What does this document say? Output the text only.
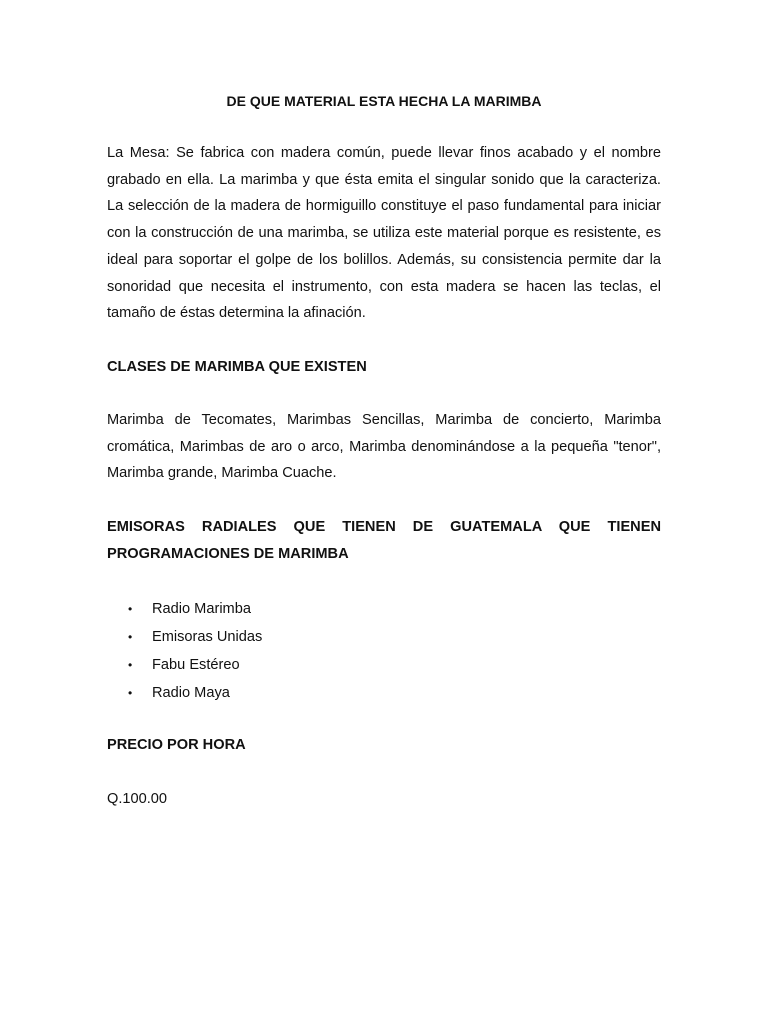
DE QUE MATERIAL ESTA HECHA LA MARIMBA

La Mesa: Se fabrica con madera común, puede llevar finos acabado y el nombre grabado en ella. La marimba y que ésta emita el singular sonido que la caracteriza. La selección de la madera de hormiguillo constituye el paso fundamental para iniciar con la construcción de una marimba, se utiliza este material porque es resistente, es ideal para soportar el golpe de los bolillos. Además, su consistencia permite dar la sonoridad que necesita el instrumento, con esta madera se hacen las teclas, el tamaño de éstas determina la afinación.

CLASES DE MARIMBA QUE EXISTEN

Marimba de Tecomates, Marimbas Sencillas, Marimba de concierto, Marimba cromática, Marimbas de aro o arco, Marimba denominándose a la pequeña "tenor", Marimba grande, Marimba Cuache.

EMISORAS RADIALES QUE TIENEN DE GUATEMALA QUE TIENEN PROGRAMACIONES DE MARIMBA
• Radio Marimba
• Emisoras Unidas
• Fabu Estéreo
• Radio Maya
PRECIO POR HORA

Q.100.00
